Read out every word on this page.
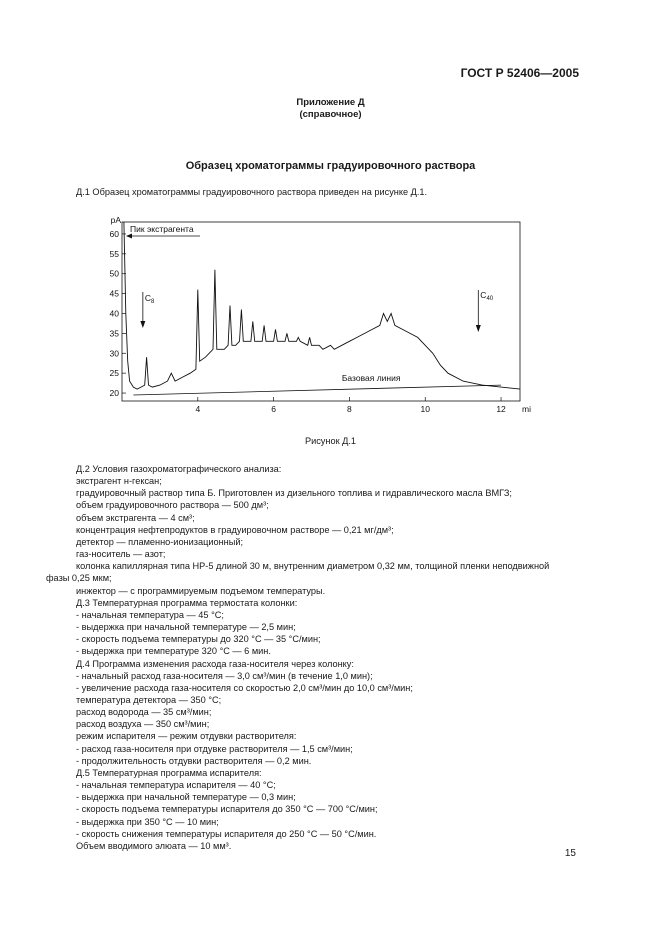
ГОСТ Р 52406—2005
Приложение Д
(справочное)
Образец хроматограммы градуировочного раствора
Д.1 Образец хроматограммы градуировочного раствора приведен на рисунке Д.1.
20
25
30
35
40
45
50
55
60
4	6	8	10	12
pA
mi
Пик экстрагента
$C_8$
$C_{40}$
Базовая линия
Рисунок Д.1
Д.2 Условия газохроматографического анализа:
экстрагент н-гексан;
градуировочный раствор типа Б. Приготовлен из дизельного топлива и гидравлического масла ВМГЗ;
объем градуировочного раствора — 500 дм³;
объем экстрагента — 4 см³;
концентрация нефтепродуктов в градуировочном растворе — 0,21 мг/дм³;
детектор — пламенно-ионизационный;
газ-носитель — азот;
колонка капиллярная типа HP-5 длиной 30 м, внутренним диаметром 0,32 мм, толщиной пленки неподвижной
фазы 0,25 мкм;
инжектор — с программируемым подъемом температуры.
Д.3 Температурная программа термостата колонки:
- начальная температура — 45 °С;
- выдержка при начальной температуре — 2,5 мин;
- скорость подъема температуры до 320 °С — 35 °С/мин;
- выдержка при температуре 320 °С — 6 мин.
Д.4 Программа изменения расхода газа-носителя через колонку:
- начальный расход газа-носителя — 3,0 см³/мин (в течение 1,0 мин);
- увеличение расхода газа-носителя со скоростью 2,0 см³/мин до 10,0 см³/мин;
температура детектора — 350 °С;
расход водорода — 35 см³/мин;
расход воздуха — 350 см³/мин;
режим испарителя — режим отдувки растворителя:
- расход газа-носителя при отдувке растворителя — 1,5 см³/мин;
- продолжительность отдувки растворителя — 0,2 мин.
Д.5 Температурная программа испарителя:
- начальная температура испарителя — 40 °С;
- выдержка при начальной температуре — 0,3 мин;
- скорость подъема температуры испарителя до 350 °С — 700 °С/мин;
- выдержка при 350 °С — 10 мин;
- скорость снижения температуры испарителя до 250 °С — 50 °С/мин.
Объем вводимого элюата — 10 мм³.
15
